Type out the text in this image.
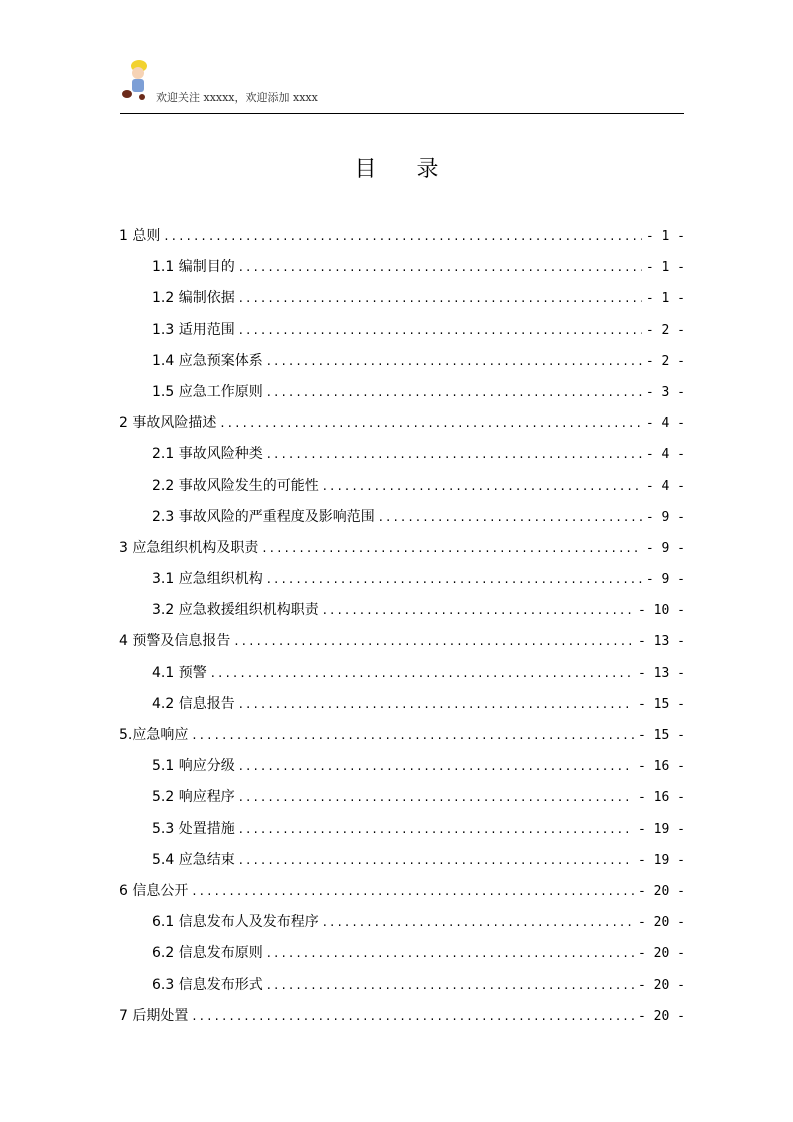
欢迎关注 xxxxx，欢迎添加 xxxx
目录
1 总则 .....	- 1 -
1.1 编制目的 .....	- 1 -
1.2 编制依据 .....	- 1 -
1.3 适用范围 .....	- 2 -
1.4 应急预案体系 .....	- 2 -
1.5 应急工作原则 .....	- 3 -
2 事故风险描述 .....	- 4 -
2.1 事故风险种类 .....	- 4 -
2.2 事故风险发生的可能性 .....	- 4 -
2.3 事故风险的严重程度及影响范围 .....	- 9 -
3 应急组织机构及职责 .....	- 9 -
3.1 应急组织机构 .....	- 9 -
3.2 应急救援组织机构职责 .....	- 10 -
4 预警及信息报告 .....	- 13 -
4.1 预警 .....	- 13 -
4.2 信息报告 .....	- 15 -
5.应急响应 .....	- 15 -
5.1 响应分级 .....	- 16 -
5.2 响应程序 .....	- 16 -
5.3 处置措施 .....	- 19 -
5.4 应急结束 .....	- 19 -
6 信息公开 .....	- 20 -
6.1 信息发布人及发布程序 .....	- 20 -
6.2 信息发布原则 .....	- 20 -
6.3 信息发布形式 .....	- 20 -
7 后期处置 .....	- 20 -
